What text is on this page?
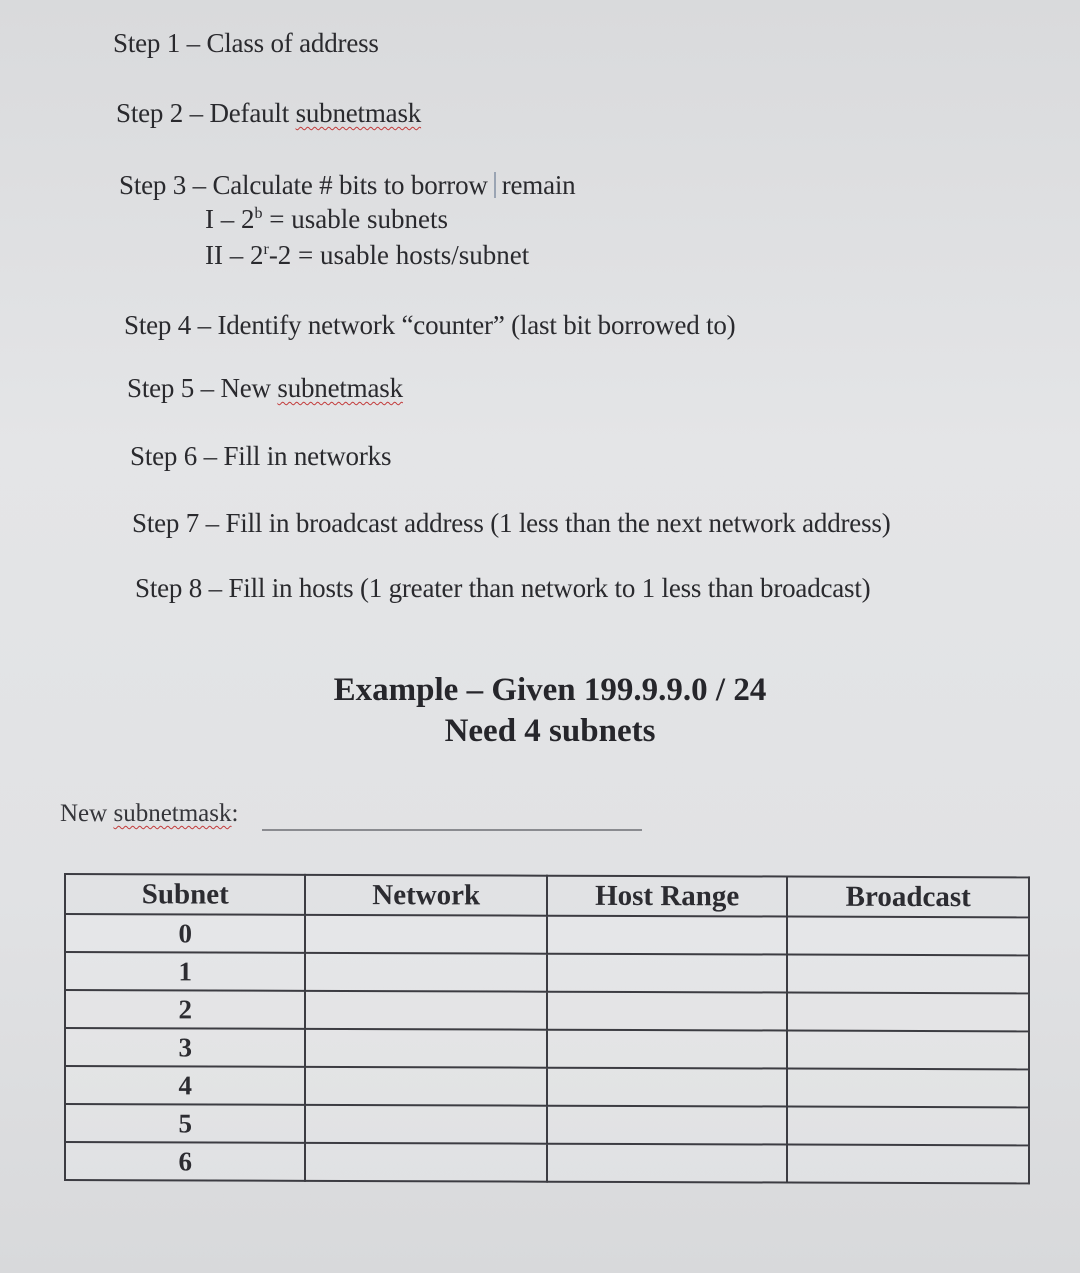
Step 1 – Class of address
Step 2 – Default subnetmask
Step 3 – Calculate # bits to borrow remain
I – $2^b$ = usable subnets
II – $2^r-2$ = usable hosts/subnet
Step 4 – Identify network “counter” (last bit borrowed to)
Step 5 – New subnetmask
Step 6 – Fill in networks
Step 7 – Fill in broadcast address (1 less than the next network address)
Step 8 – Fill in hosts (1 greater than network to 1 less than broadcast)
Example – Given 199.9.9.0 / 24
Need 4 subnets
New subnetmask:
Subnet	Network	Host Range	Broadcast
0			
1			
2			
3			
4			
5			
6			
